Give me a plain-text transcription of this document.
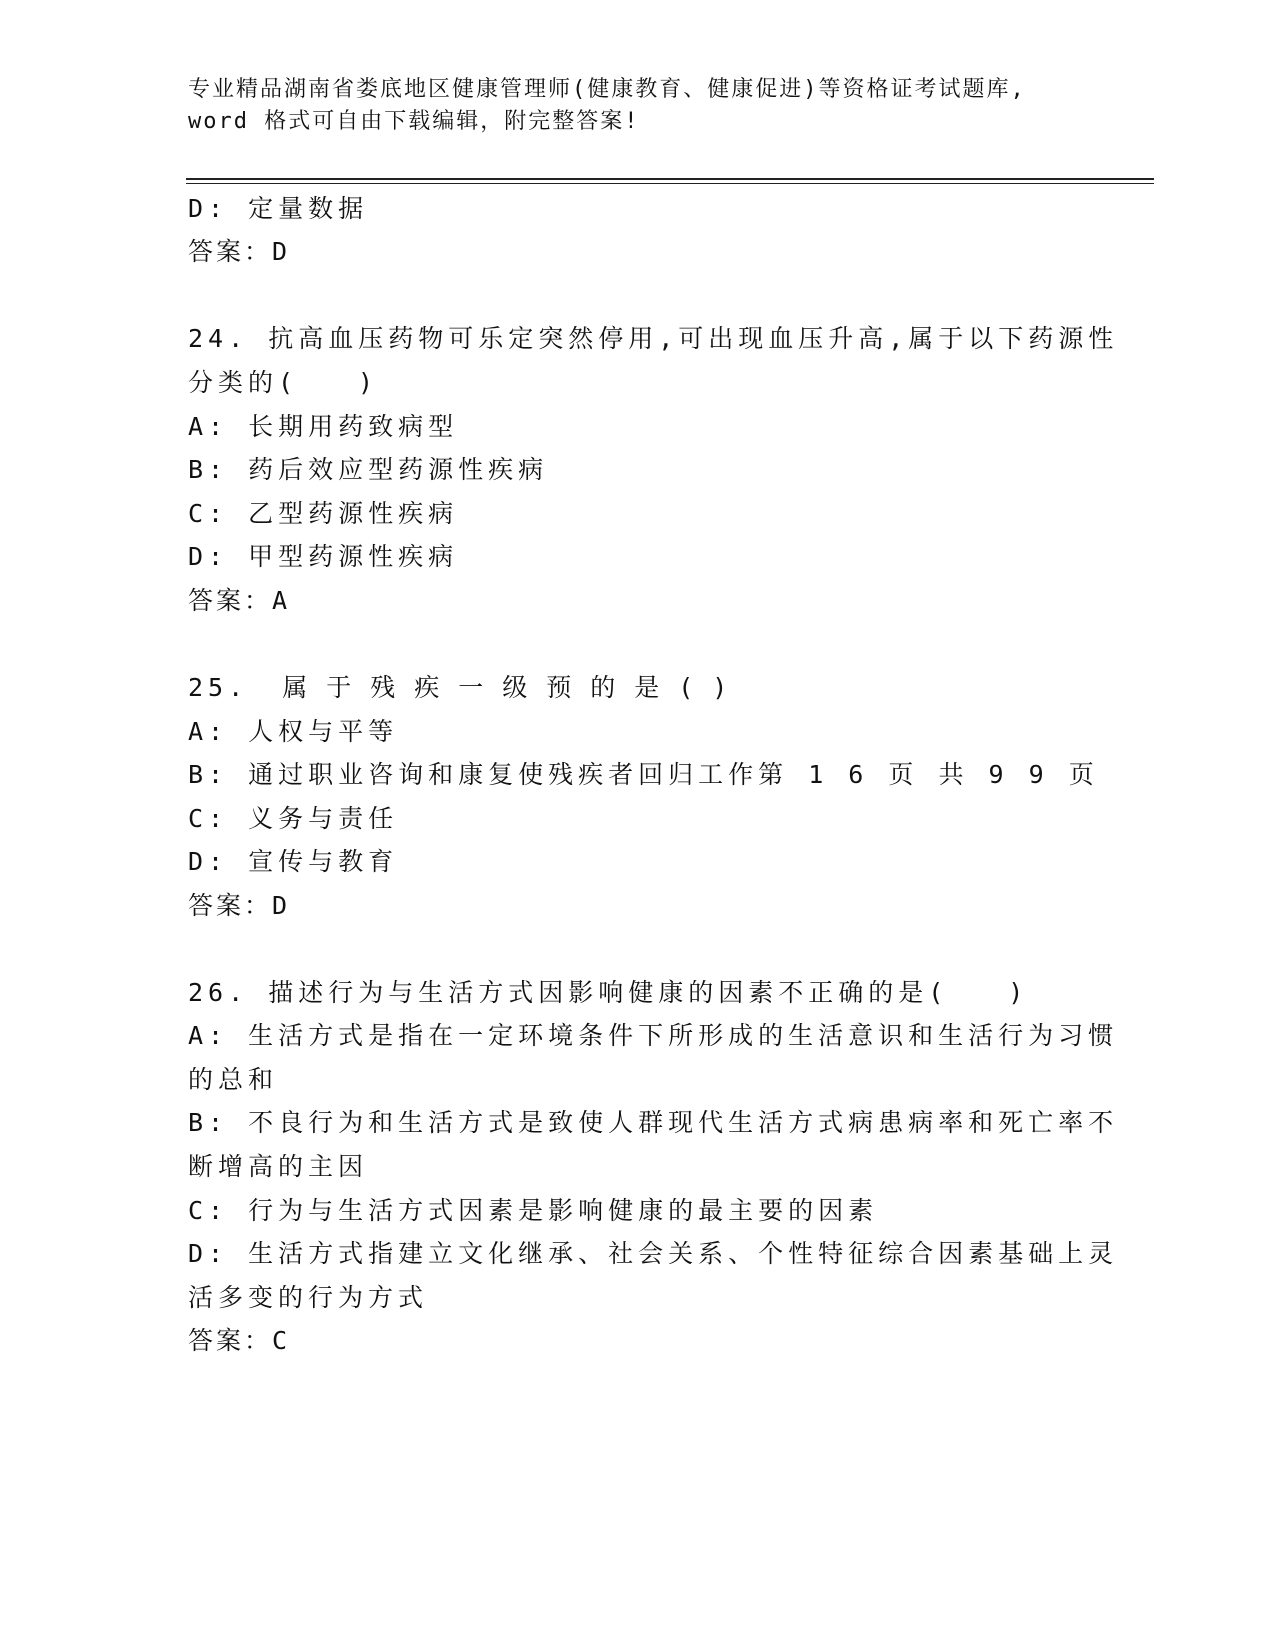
专业精品湖南省娄底地区健康管理师(健康教育、健康促进)等资格证考试题库,
word 格式可自由下载编辑，附完整答案!
D: 定量数据
答案：D
24. 抗高血压药物可乐定突然停用,可出现血压升高,属于以下药源性
分类的(　　)
A: 长期用药致病型
B: 药后效应型药源性疾病
C: 乙型药源性疾病
D: 甲型药源性疾病
答案：A
25. 属于残疾一级预的是()
A: 人权与平等
B: 通过职业咨询和康复使残疾者回归工作第 1 6 页 共 9 9 页
C: 义务与责任
D: 宣传与教育
答案：D
26. 描述行为与生活方式因影响健康的因素不正确的是(　　)
A: 生活方式是指在一定环境条件下所形成的生活意识和生活行为习惯
的总和
B: 不良行为和生活方式是致使人群现代生活方式病患病率和死亡率不
断增高的主因
C: 行为与生活方式因素是影响健康的最主要的因素
D: 生活方式指建立文化继承、社会关系、个性特征综合因素基础上灵
活多变的行为方式
答案：C
